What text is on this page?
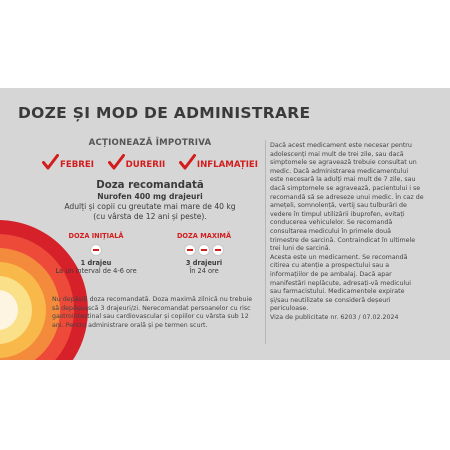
DOZE ȘI MOD DE ADMINISTRARE
ACȚIONEAZĂ ÎMPOTRIVA
FEBREI	DURERII	INFLAMAȚIEI
Doza recomandată
Nurofen 400 mg drajeuri
Adulți și copii cu greutate mai mare de 40 kg
(cu vârsta de 12 ani și peste).
DOZA INIȚIALĂ
1 drajeu
La un interval de 4-6 ore
DOZA MAXIMĂ
3 drajeuri
În 24 ore
Nu depășiți doza recomandată. Doza maximă zilnică nu trebuie
să depășească 3 drajeuri/zi. Nerecomandat persoanelor cu risc
gastrointestinal sau cardiovascular și copiilor cu vârsta sub 12
ani. Pentru administrare orală și pe termen scurt.

Dacă acest medicament este necesar pentru

adolescenți mai mult de trei zile, sau dacă

simptomele se agravează trebuie consultat un

medic. Dacă administrarea medicamentului

este necesară la adulți mai mult de 7 zile, sau

dacă simptomele se agravează, pacientului i se

recomandă să se adreseze unui medic. În caz de

amețeli, somnolență, vertij sau tulburări de

vedere în timpul utilizării ibuprofen, evitați

conducerea vehiculelor. Se recomandă

consultarea medicului în primele două

trimestre de sarcină. Contraindicat în ultimele

trei luni de sarcină.

Acesta este un medicament. Se recomandă

citirea cu atenție a prospectului sau a

informațiilor de pe ambalaj. Dacă apar

manifestări neplăcute, adresați-vă medicului

sau farmacistului. Medicamentele expirate

și/sau neutilizate se consideră deșeuri

periculoase.

Viza de publicitate nr. 6203 / 07.02.2024
